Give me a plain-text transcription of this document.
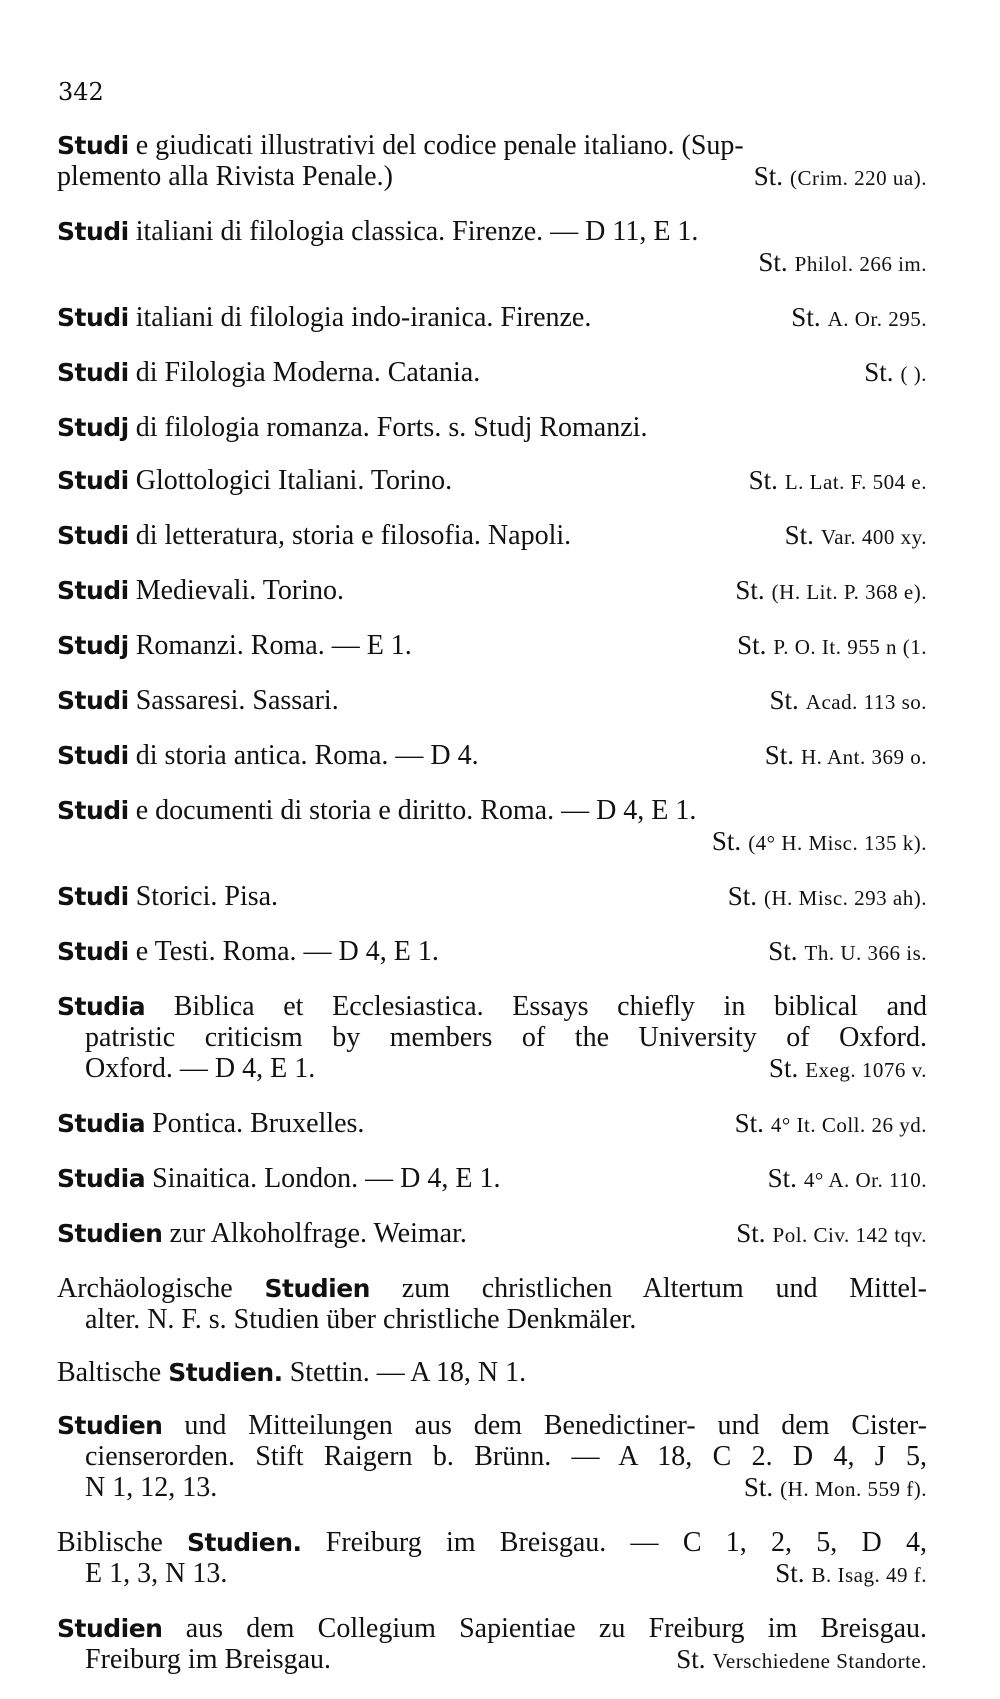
342
Studi e giudicati illustrativi del codice penale italiano. (Sup-
plemento alla Rivista Penale.)	St. (Crim. 220 ua).
Studi italiani di filologia classica. Firenze. — D 11, E 1.
St. Philol. 266 im.
Studi italiani di filologia indo-iranica. Firenze.	St. A. Or. 295.
Studi di Filologia Moderna. Catania.	St. ( ).
Studj di filologia romanza. Forts. s. Studj Romanzi.
Studi Glottologici Italiani. Torino.	St. L. Lat. F. 504 e.
Studi di letteratura, storia e filosofia. Napoli.	St. Var. 400 xy.
Studi Medievali. Torino.	St. (H. Lit. P. 368 e).
Studj Romanzi. Roma. — E 1.	St. P. O. It. 955 n (1.
Studi Sassaresi. Sassari.	St. Acad. 113 so.
Studi di storia antica. Roma. — D 4.	St. H. Ant. 369 o.
Studi e documenti di storia e diritto. Roma. — D 4, E 1.
St. (4° H. Misc. 135 k).
Studi Storici. Pisa.	St. (H. Misc. 293 ah).
Studi e Testi. Roma. — D 4, E 1.	St. Th. U. 366 is.
Studia Biblica et Ecclesiastica. Essays chiefly in biblical and
patristic criticism by members of the University of Oxford.
Oxford. — D 4, E 1.	St. Exeg. 1076 v.
Studia Pontica. Bruxelles.	St. 4° It. Coll. 26 yd.
Studia Sinaitica. London. — D 4, E 1.	St. 4° A. Or. 110.
Studien zur Alkoholfrage. Weimar.	St. Pol. Civ. 142 tqv.
Archäologische Studien zum christlichen Altertum und Mittel-
alter. N. F. s. Studien über christliche Denkmäler.
Baltische Studien. Stettin. — A 18, N 1.
Studien und Mitteilungen aus dem Benedictiner- und dem Cister-
cienserorden. Stift Raigern b. Brünn. — A 18, C 2. D 4, J 5,
N 1, 12, 13.	St. (H. Mon. 559 f).
Biblische Studien. Freiburg im Breisgau. — C 1, 2, 5, D 4,
E 1, 3, N 13.	St. B. Isag. 49 f.
Studien aus dem Collegium Sapientiae zu Freiburg im Breisgau.
Freiburg im Breisgau.	St. Verschiedene Standorte.
